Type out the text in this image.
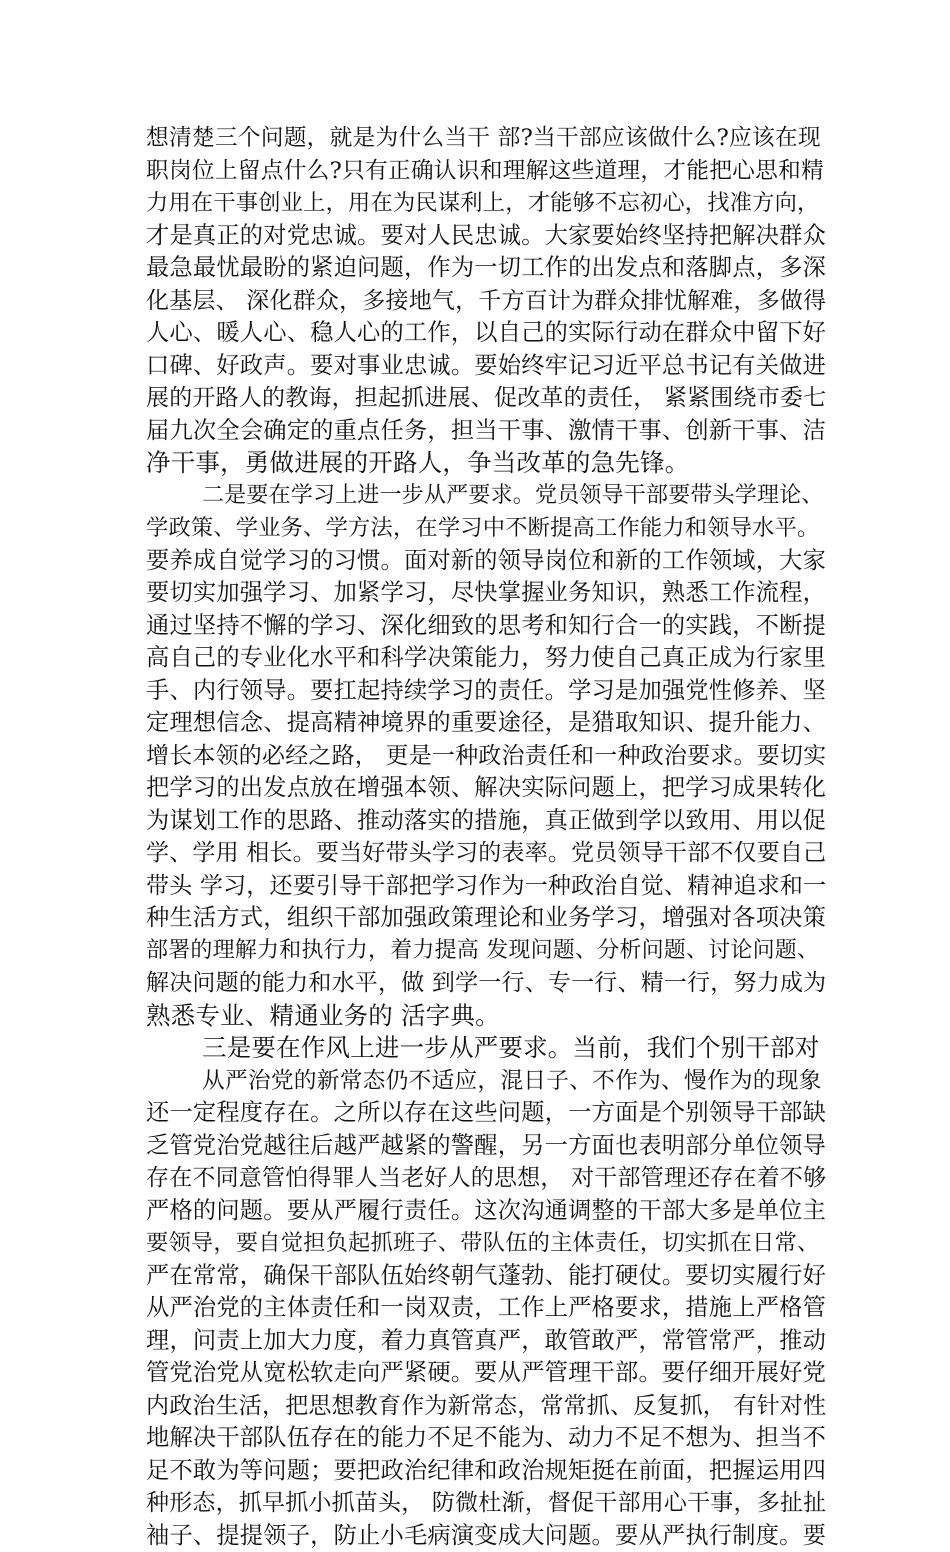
想清楚三个问题，就是为什么当干 部?当干部应该做什么?应该在现
职岗位上留点什么?只有正确认识和理解这些道理，才能把心思和精
力用在干事创业上，用在为民谋利上，才能够不忘初心，找准方向，
才是真正的对党忠诚。要对人民忠诚。大家要始终坚持把解决群众
最急最忧最盼的紧迫问题，作为一切工作的出发点和落脚点，多深
化基层、 深化群众，多接地气，千方百计为群众排忧解难，多做得
人心、暖人心、稳人心的工作，以自己的实际行动在群众中留下好
口碑、好政声。要对事业忠诚。要始终牢记习近平总书记有关做进
展的开路人的教诲，担起抓进展、促改革的责任， 紧紧围绕市委七
届九次全会确定的重点任务，担当干事、激情干事、创新干事、洁
净干事，勇做进展的开路人，争当改革的急先锋。
二是要在学习上进一步从严要求。党员领导干部要带头学理论、
学政策、学业务、学方法，在学习中不断提高工作能力和领导水平。
要养成自觉学习的习惯。面对新的领导岗位和新的工作领域，大家
要切实加强学习、加紧学习，尽快掌握业务知识，熟悉工作流程，
通过坚持不懈的学习、深化细致的思考和知行合一的实践，不断提
高自己的专业化水平和科学决策能力，努力使自己真正成为行家里
手、内行领导。要扛起持续学习的责任。学习是加强党性修养、坚
定理想信念、提高精神境界的重要途径，是猎取知识、提升能力、
增长本领的必经之路， 更是一种政治责任和一种政治要求。要切实
把学习的出发点放在增强本领、解决实际问题上，把学习成果转化
为谋划工作的思路、推动落实的措施，真正做到学以致用、用以促
学、学用 相长。要当好带头学习的表率。党员领导干部不仅要自己
带头 学习，还要引导干部把学习作为一种政治自觉、精神追求和一
种生活方式，组织干部加强政策理论和业务学习，增强对各项决策
部署的理解力和执行力，着力提高 发现问题、分析问题、讨论问题、
解决问题的能力和水平，做 到学一行、专一行、精一行，努力成为
熟悉专业、精通业务的 活字典。
三是要在作风上进一步从严要求。当前，我们个别干部对
从严治党的新常态仍不适应，混日子、不作为、慢作为的现象
还一定程度存在。之所以存在这些问题，一方面是个别领导干部缺
乏管党治党越往后越严越紧的警醒，另一方面也表明部分单位领导
存在不同意管怕得罪人当老好人的思想， 对干部管理还存在着不够
严格的问题。要从严履行责任。这次沟通调整的干部大多是单位主
要领导，要自觉担负起抓班子、带队伍的主体责任，切实抓在日常、
严在常常，确保干部队伍始终朝气蓬勃、能打硬仗。要切实履行好
从严治党的主体责任和一岗双责，工作上严格要求，措施上严格管
理，问责上加大力度，着力真管真严，敢管敢严，常管常严，推动
管党治党从宽松软走向严紧硬。要从严管理干部。要仔细开展好党
内政治生活，把思想教育作为新常态，常常抓、反复抓， 有针对性
地解决干部队伍存在的能力不足不能为、动力不足不想为、担当不
足不敢为等问题；要把政治纪律和政治规矩挺在前面，把握运用四
种形态，抓早抓小抓苗头， 防微杜渐，督促干部用心干事，多扯扯
袖子、提提领子，防止小毛病演变成大问题。要从严执行制度。要
